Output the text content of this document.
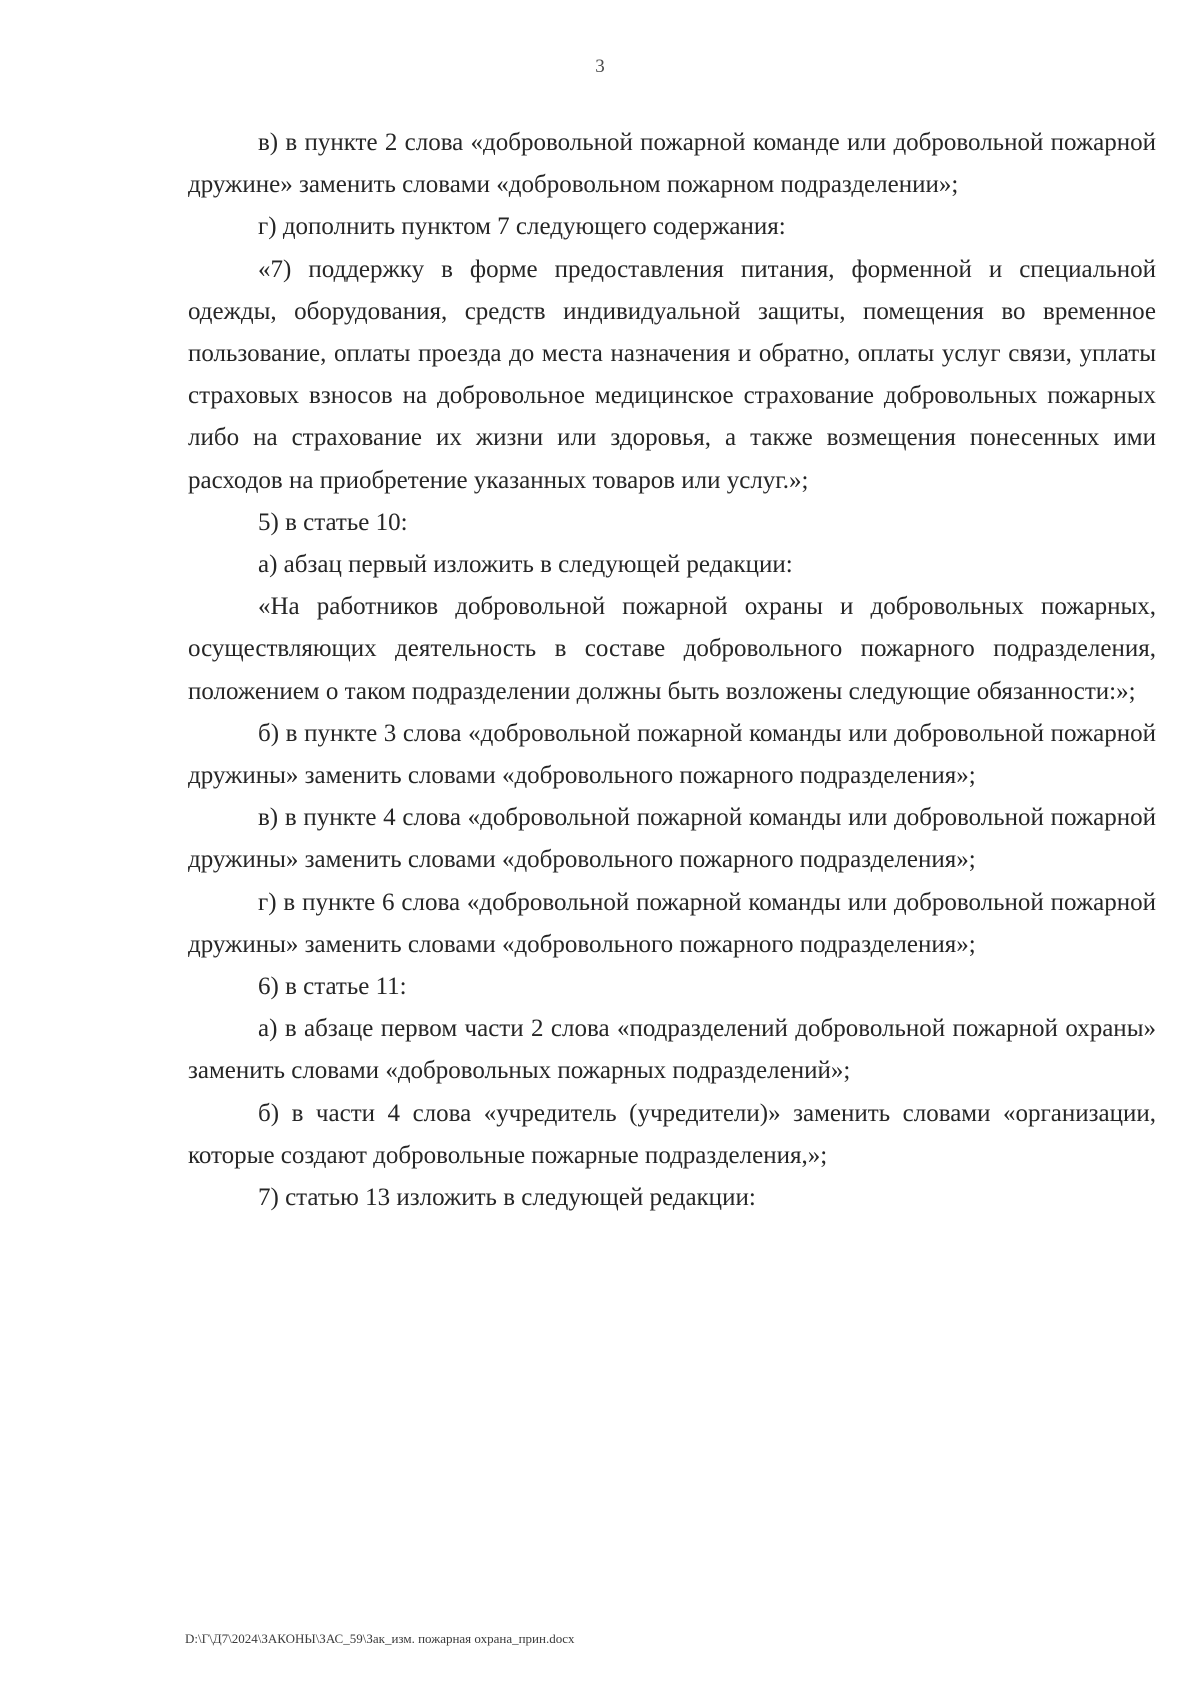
3

в) в пункте 2 слова «добровольной пожарной команде или добровольной пожарной дружине» заменить словами «добровольном пожарном подразделении»;

г) дополнить пунктом 7 следующего содержания:

«7) поддержку в форме предоставления питания, форменной и специальной одежды, оборудования, средств индивидуальной защиты, помещения во временное пользование, оплаты проезда до места назначения и обратно, оплаты услуг связи, уплаты страховых взносов на добровольное медицинское страхование добровольных пожарных либо на страхование их жизни или здоровья, а также возмещения понесенных ими расходов на приобретение указанных товаров или услуг.»;

5) в статье 10:

а) абзац первый изложить в следующей редакции:

«На работников добровольной пожарной охраны и добровольных пожарных, осуществляющих деятельность в составе добровольного пожарного подразделения, положением о таком подразделении должны быть возложены следующие обязанности:»;

б) в пункте 3 слова «добровольной пожарной команды или добровольной пожарной дружины» заменить словами «добровольного пожарного подразделения»;

в) в пункте 4 слова «добровольной пожарной команды или добровольной пожарной дружины» заменить словами «добровольного пожарного подразделения»;

г) в пункте 6 слова «добровольной пожарной команды или добровольной пожарной дружины» заменить словами «добровольного пожарного подразделения»;

6) в статье 11:

а) в абзаце первом части 2 слова «подразделений добровольной пожарной охраны» заменить словами «добровольных пожарных подразделений»;

б) в части 4 слова «учредитель (учредители)» заменить словами «организации, которые создают добровольные пожарные подразделения,»;

7) статью 13 изложить в следующей редакции:

D:\Г\Д7\2024\ЗАКОНЫ\ЗАС_59\Зак_изм. пожарная охрана_прин.docx
